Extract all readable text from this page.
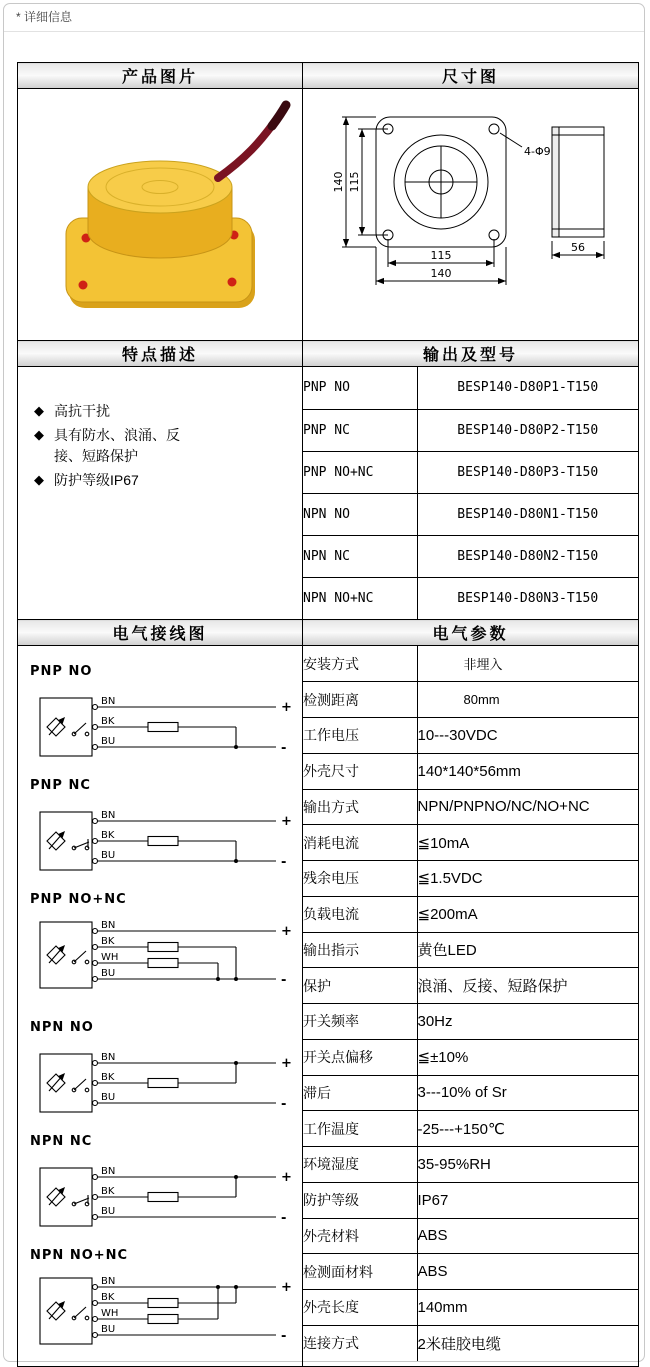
* 详细信息
产品图片	尺寸图

140 115
115
140
4-Φ9
56

特点描述	输出及型号

◆ 高抗干扰
◆ 具有防水、浪涌、反接、短路保护
◆ 防护等级IP67

PNP NO	BESP140-D80P1-T150
PNP NC	BESP140-D80P2-T150
PNP NO+NC	BESP140-D80P3-T150
NPN NO	BESP140-D80N1-T150
NPN NC	BESP140-D80N2-T150
NPN NO+NC	BESP140-D80N3-T150

电气接线图	电气参数

PNP NO
BN
BK
BU
+
-
PNP NC
BN
BK
BU
+
-
PNP NO+NC
BN
BK
WH
BU
+
-
NPN NO
BN
BK
BU
+
-
NPN NC
BN
BK
BU
+
-
NPN NO+NC
BN
BK
WH
BU
+
-

安装方式	非埋入
检测距离	80mm
工作电压	10---30VDC
外壳尺寸	140*140*56mm
输出方式	NPN/PNPNO/NC/NO+NC
消耗电流	≦10mA
残余电压	≦1.5VDC
负载电流	≦200mA
输出指示	黄色LED
保护	浪涌、反接、短路保护
开关频率	30Hz
开关点偏移	≦±10%
滞后	3---10% of Sr
工作温度	-25---+150℃
环境湿度	35-95%RH
防护等级	IP67
外壳材料	ABS
检测面材料	ABS
外壳长度	140mm
连接方式	2米硅胶电缆
